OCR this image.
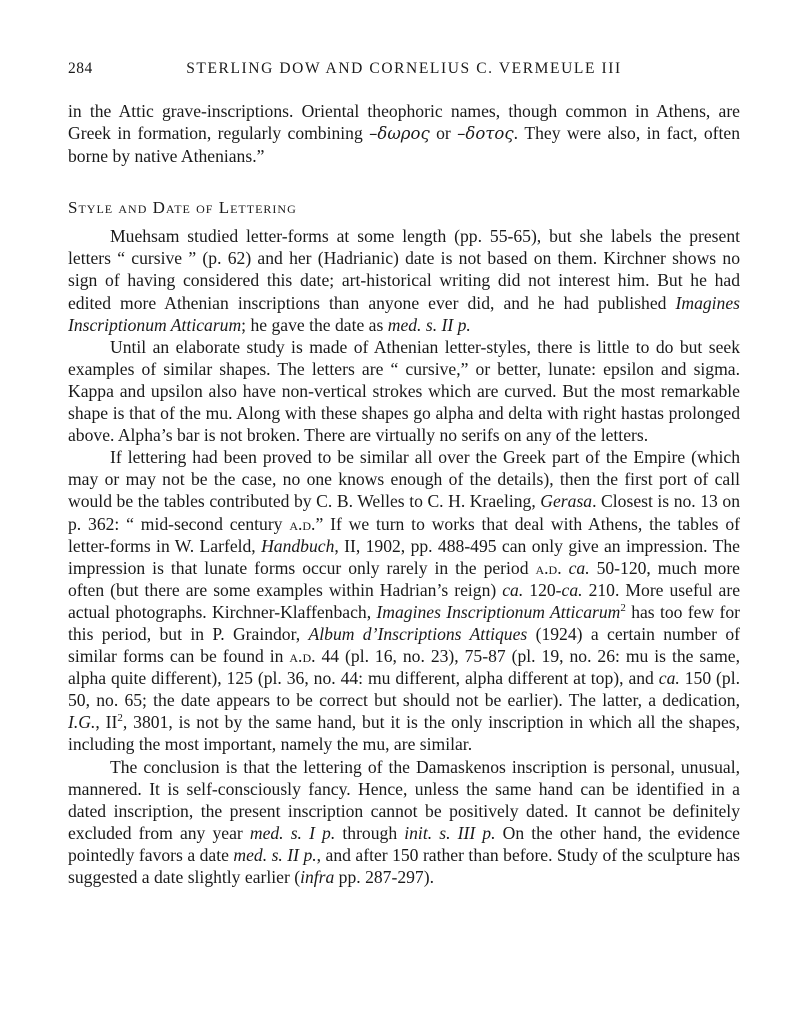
284	STERLING DOW AND CORNELIUS C. VERMEULE III

in the Attic grave-inscriptions. Oriental theophoric names, though common in Athens, are Greek in formation, regularly combining –δωρος or –δοτος. They were also, in fact, often borne by native Athenians.”

Style and Date of Lettering

Muehsam studied letter-forms at some length (pp. 55-65), but she labels the present letters “ cursive ” (p. 62) and her (Hadrianic) date is not based on them. Kirchner shows no sign of having considered this date; art-historical writing did not interest him. But he had edited more Athenian inscriptions than anyone ever did, and he had published Imagines Inscriptionum Atticarum; he gave the date as med. s. II p.

Until an elaborate study is made of Athenian letter-styles, there is little to do but seek examples of similar shapes. The letters are “ cursive,” or better, lunate: epsilon and sigma. Kappa and upsilon also have non-vertical strokes which are curved. But the most remarkable shape is that of the mu. Along with these shapes go alpha and delta with right hastas prolonged above. Alpha’s bar is not broken. There are virtually no serifs on any of the letters.

If lettering had been proved to be similar all over the Greek part of the Empire (which may or may not be the case, no one knows enough of the details), then the first port of call would be the tables contributed by C. B. Welles to C. H. Kraeling, Gerasa. Closest is no. 13 on p. 362: “ mid-second century a.d.” If we turn to works that deal with Athens, the tables of letter-forms in W. Larfeld, Handbuch, II, 1902, pp. 488-495 can only give an impression. The impression is that lunate forms occur only rarely in the period a.d. ca. 50-120, much more often (but there are some examples within Hadrian’s reign) ca. 120-ca. 210. More useful are actual photographs. Kirchner-Klaffenbach, Imagines Inscriptionum Atticarum$^2$ has too few for this period, but in P. Graindor, Album d’Inscriptions Attiques (1924) a certain number of similar forms can be found in a.d. 44 (pl. 16, no. 23), 75-87 (pl. 19, no. 26: mu is the same, alpha quite different), 125 (pl. 36, no. 44: mu different, alpha different at top), and ca. 150 (pl. 50, no. 65; the date appears to be correct but should not be earlier). The latter, a dedication, I.G., $II^2$, 3801, is not by the same hand, but it is the only inscription in which all the shapes, including the most important, namely the mu, are similar.

The conclusion is that the lettering of the Damaskenos inscription is personal, unusual, mannered. It is self-consciously fancy. Hence, unless the same hand can be identified in a dated inscription, the present inscription cannot be positively dated. It cannot be definitely excluded from any year med. s. I p. through init. s. III p. On the other hand, the evidence pointedly favors a date med. s. II p., and after 150 rather than before. Study of the sculpture has suggested a date slightly earlier (infra pp. 287-297).
